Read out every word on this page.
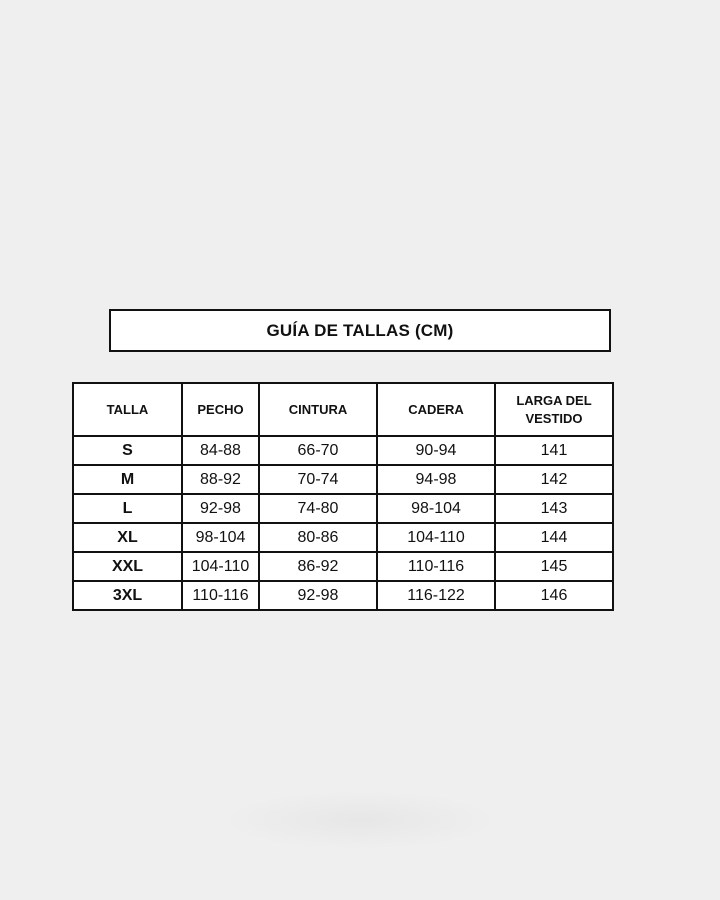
GUÍA DE TALLAS (CM)
TALLA	PECHO	CINTURA	CADERA	LARGA DEL VESTIDO
S	84-88	66-70	90-94	141
M	88-92	70-74	94-98	142
L	92-98	74-80	98-104	143
XL	98-104	80-86	104-110	144
XXL	104-110	86-92	110-116	145
3XL	110-116	92-98	116-122	146
